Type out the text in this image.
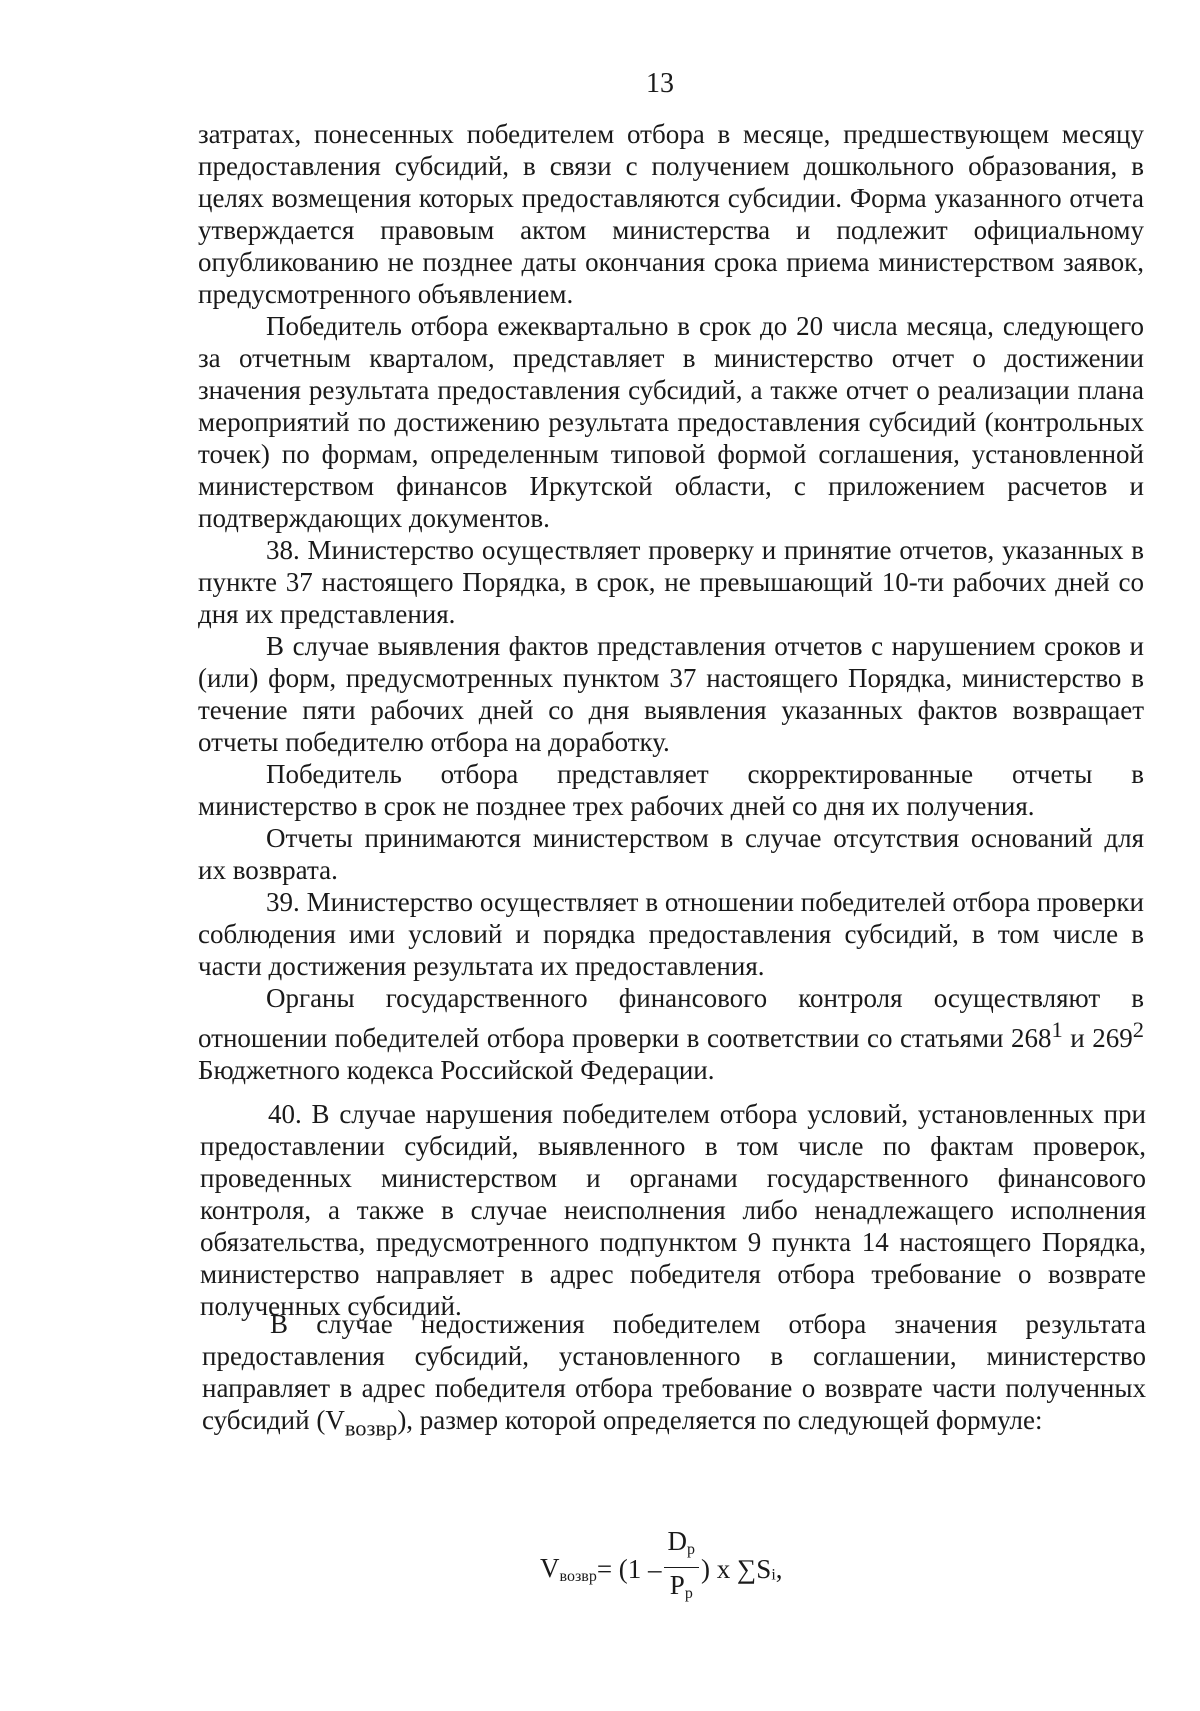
13

затратах, понесенных победителем отбора в месяце, предшествующем месяцу предоставления субсидий, в связи с получением дошкольного образования, в целях возмещения которых предоставляются субсидии. Форма указанного отчета утверждается правовым актом министерства и подлежит официальному опубликованию не позднее даты окончания срока приема министерством заявок, предусмотренного объявлением.

Победитель отбора ежеквартально в срок до 20 числа месяца, следующего за отчетным кварталом, представляет в министерство отчет о достижении значения результата предоставления субсидий, а также отчет о реализации плана мероприятий по достижению результата предоставления субсидий (контрольных точек) по формам, определенным типовой формой соглашения, установленной министерством финансов Иркутской области, с приложением расчетов и подтверждающих документов.

38. Министерство осуществляет проверку и принятие отчетов, указанных в пункте 37 настоящего Порядка, в срок, не превышающий 10-ти рабочих дней со дня их представления.

В случае выявления фактов представления отчетов с нарушением сроков и (или) форм, предусмотренных пунктом 37 настоящего Порядка, министерство в течение пяти рабочих дней со дня выявления указанных фактов возвращает отчеты победителю отбора на доработку.

Победитель отбора представляет скорректированные отчеты в министерство в срок не позднее трех рабочих дней со дня их получения.

Отчеты принимаются министерством в случае отсутствия оснований для их возврата.

39. Министерство осуществляет в отношении победителей отбора проверки соблюдения ими условий и порядка предоставления субсидий, в том числе в части достижения результата их предоставления.

Органы государственного финансового контроля осуществляют в отношении победителей отбора проверки в соответствии со статьями $268^1$ и $269^2$ Бюджетного кодекса Российской Федерации.

40. В случае нарушения победителем отбора условий, установленных при предоставлении субсидий, выявленного в том числе по фактам проверок, проведенных министерством и органами государственного финансового контроля, а также в случае неисполнения либо ненадлежащего исполнения обязательства, предусмотренного подпунктом 9 пункта 14 настоящего Порядка, министерство направляет в адрес победителя отбора требование о возврате полученных субсидий.

В случае недостижения победителем отбора значения результата предоставления субсидий, установленного в соглашении, министерство направляет в адрес победителя отбора требование о возврате части полученных субсидий $(V_{возвр})$, размер которой определяется по следующей формуле:

$V_{возвр}= (1 - \frac{D_p}{P_p}$ ) x $\sum S_i$,
